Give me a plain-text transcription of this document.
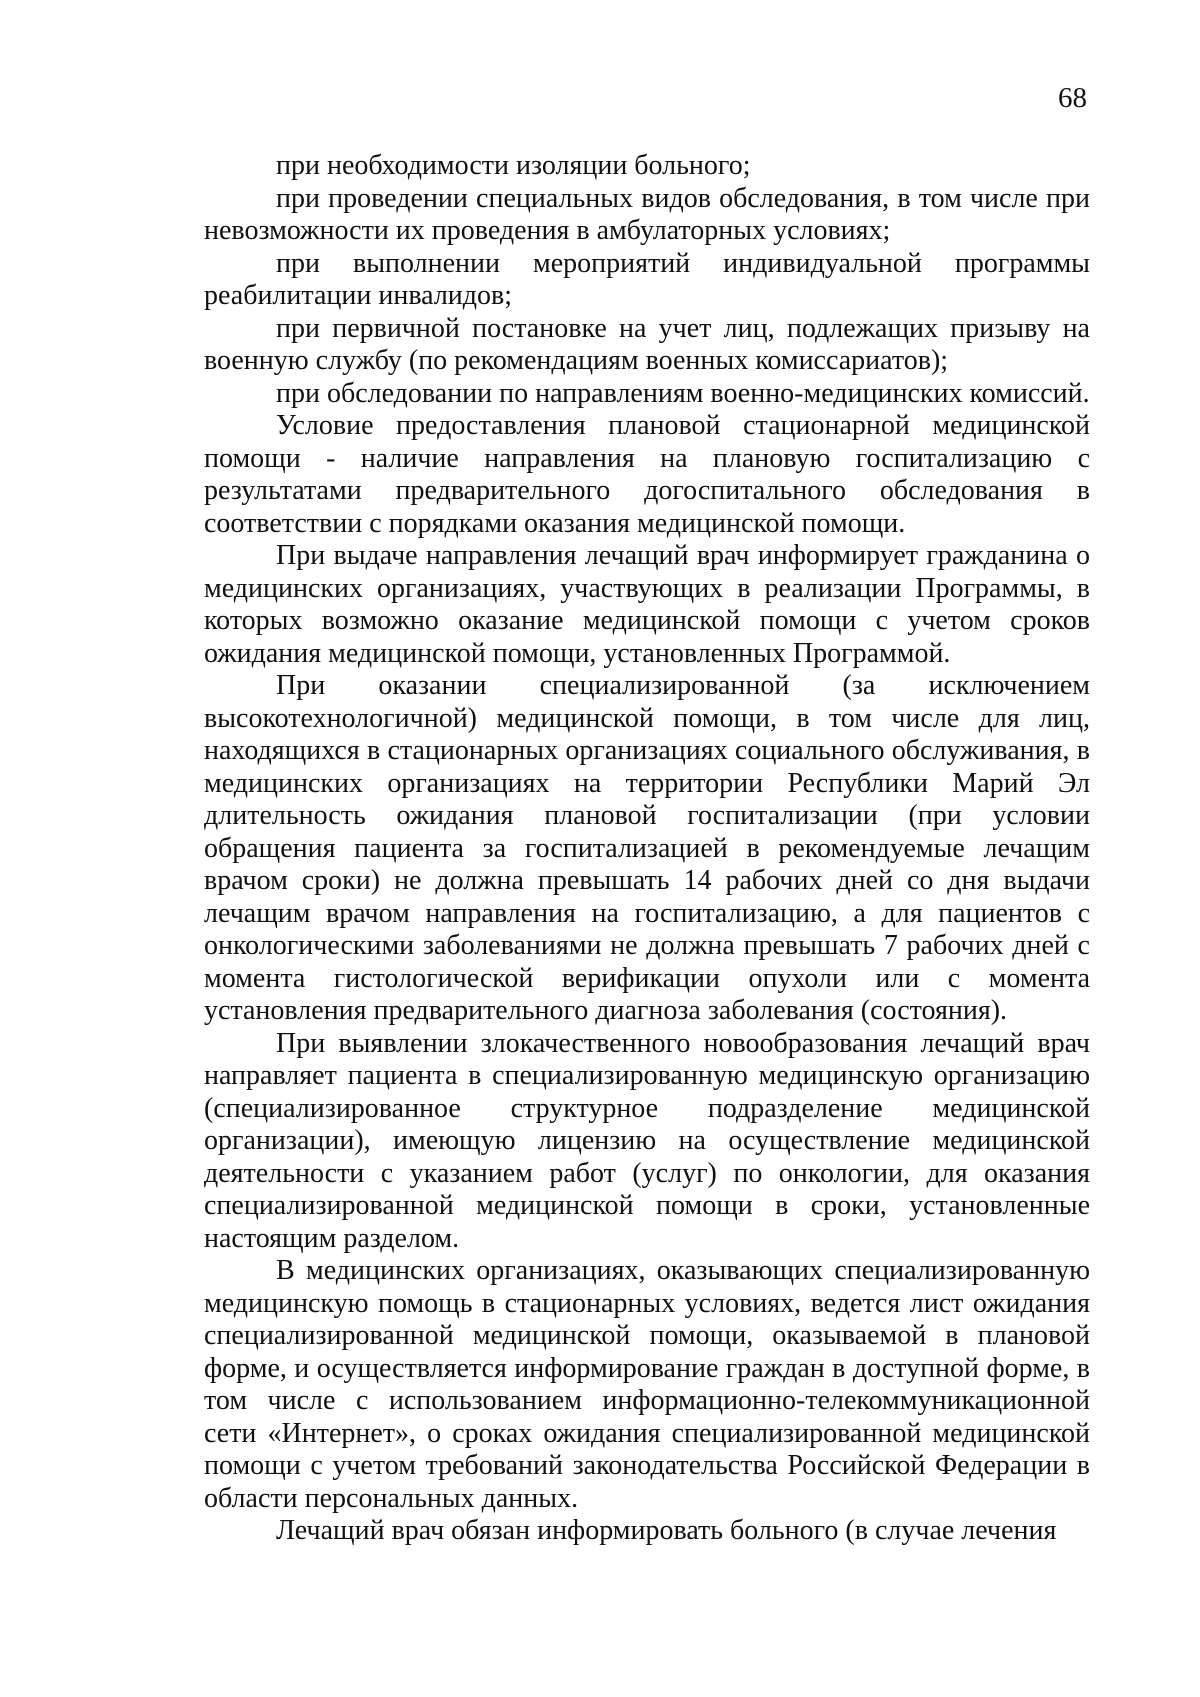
68

при необходимости изоляции больного;

при проведении специальных видов обследования, в том числе при невозможности их проведения в амбулаторных условиях;

при выполнении мероприятий индивидуальной программы реабилитации инвалидов;

при первичной постановке на учет лиц, подлежащих призыву на военную службу (по рекомендациям военных комиссариатов);

при обследовании по направлениям военно-медицинских комиссий.

Условие предоставления плановой стационарной медицинской помощи - наличие направления на плановую госпитализацию с результатами предварительного догоспитального обследования в соответствии с порядками оказания медицинской помощи.

При выдаче направления лечащий врач информирует гражданина о медицинских организациях, участвующих в реализации Программы, в которых возможно оказание медицинской помощи с учетом сроков ожидания медицинской помощи, установленных Программой.

При оказании специализированной (за исключением высокотехнологичной) медицинской помощи, в том числе для лиц, находящихся в стационарных организациях социального обслуживания, в медицинских организациях на территории Республики Марий Эл длительность ожидания плановой госпитализации (при условии обращения пациента за госпитализацией в рекомендуемые лечащим врачом сроки) не должна превышать 14 рабочих дней со дня выдачи лечащим врачом направления на госпитализацию, а для пациентов с онкологическими заболеваниями не должна превышать 7 рабочих дней с момента гистологической верификации опухоли или с момента установления предварительного диагноза заболевания (состояния).

При выявлении злокачественного новообразования лечащий врач направляет пациента в специализированную медицинскую организацию (специализированное структурное подразделение медицинской организации), имеющую лицензию на осуществление медицинской деятельности с указанием работ (услуг) по онкологии, для оказания специализированной медицинской помощи в сроки, установленные настоящим разделом.

В медицинских организациях, оказывающих специализированную медицинскую помощь в стационарных условиях, ведется лист ожидания специализированной медицинской помощи, оказываемой в плановой форме, и осуществляется информирование граждан в доступной форме, в том числе с использованием информационно-телекоммуникационной сети «Интернет», о сроках ожидания специализированной медицинской помощи с учетом требований законодательства Российской Федерации в области персональных данных.

Лечащий врач обязан информировать больного (в случае лечения
